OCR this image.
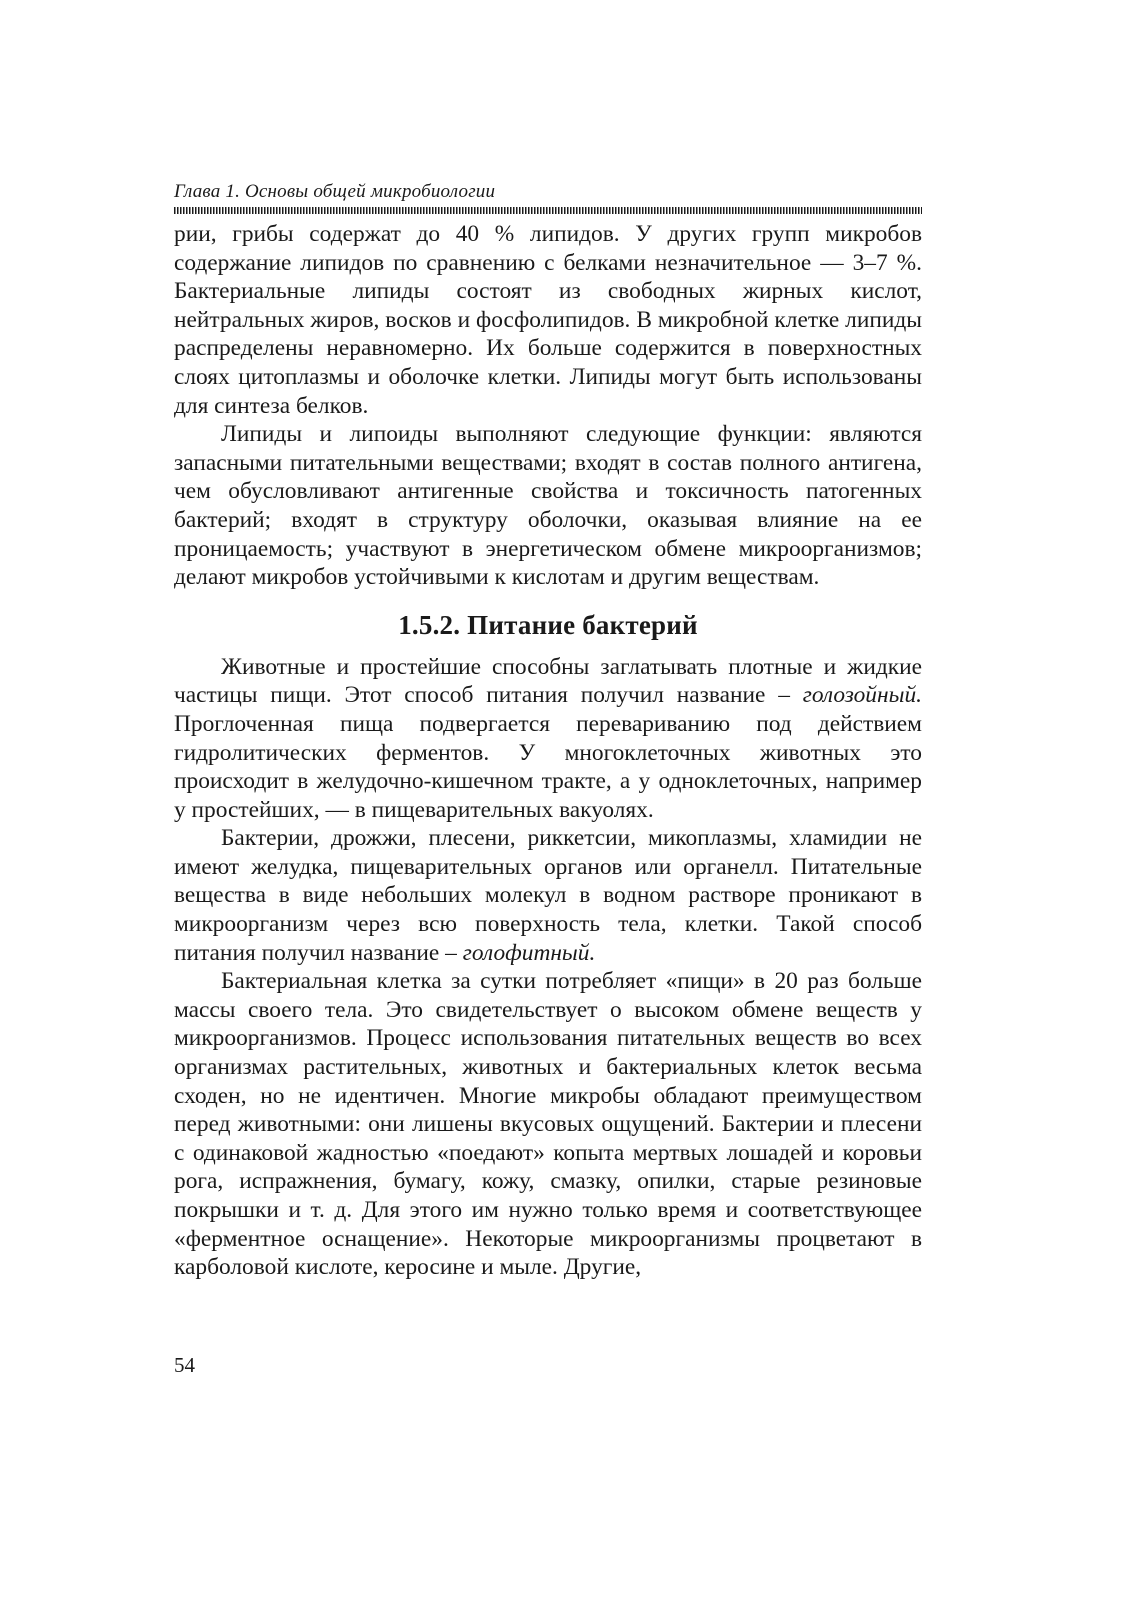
Глава 1. Основы общей микробиологии

рии, грибы содержат до 40 % липидов. У других групп микробов содержание липидов по сравнению с белками незначительное — 3–7 %. Бактериальные липиды состоят из свободных жирных кислот, нейтральных жиров, восков и фосфолипидов. В микробной клетке липиды распределены неравномерно. Их больше содержится в поверхностных слоях цитоплазмы и оболочке клетки. Липиды могут быть использованы для синтеза белков.

Липиды и липоиды выполняют следующие функции: являются запасными питательными веществами; входят в состав полного антигена, чем обусловливают антигенные свойства и токсичность патогенных бактерий; входят в структуру оболочки, оказывая влияние на ее проницаемость; участвуют в энергетическом обмене микроорганизмов; делают микробов устойчивыми к кислотам и другим веществам.

1.5.2. Питание бактерий

Животные и простейшие способны заглатывать плотные и жидкие частицы пищи. Этот способ питания получил название – голозойный. Проглоченная пища подвергается перевариванию под действием гидролитических ферментов. У многоклеточных животных это происходит в желудочно-кишечном тракте, а у одноклеточных, например у простейших, — в пищеварительных вакуолях.

Бактерии, дрожжи, плесени, риккетсии, микоплазмы, хламидии не имеют желудка, пищеварительных органов или органелл. Питательные вещества в виде небольших молекул в водном растворе проникают в микроорганизм через всю поверхность тела, клетки. Такой способ питания получил название – голофитный.

Бактериальная клетка за сутки потребляет «пищи» в 20 раз больше массы своего тела. Это свидетельствует о высоком обмене веществ у микроорганизмов. Процесс использования питательных веществ во всех организмах растительных, животных и бактериальных клеток весьма сходен, но не идентичен. Многие микробы обладают преимуществом перед животными: они лишены вкусовых ощущений. Бактерии и плесени с одинаковой жадностью «поедают» копыта мертвых лошадей и коровьи рога, испражнения, бумагу, кожу, смазку, опилки, старые резиновые покрышки и т. д. Для этого им нужно только время и соответствующее «ферментное оснащение». Некоторые микроорганизмы процветают в карболовой кислоте, керосине и мыле. Другие,

54
